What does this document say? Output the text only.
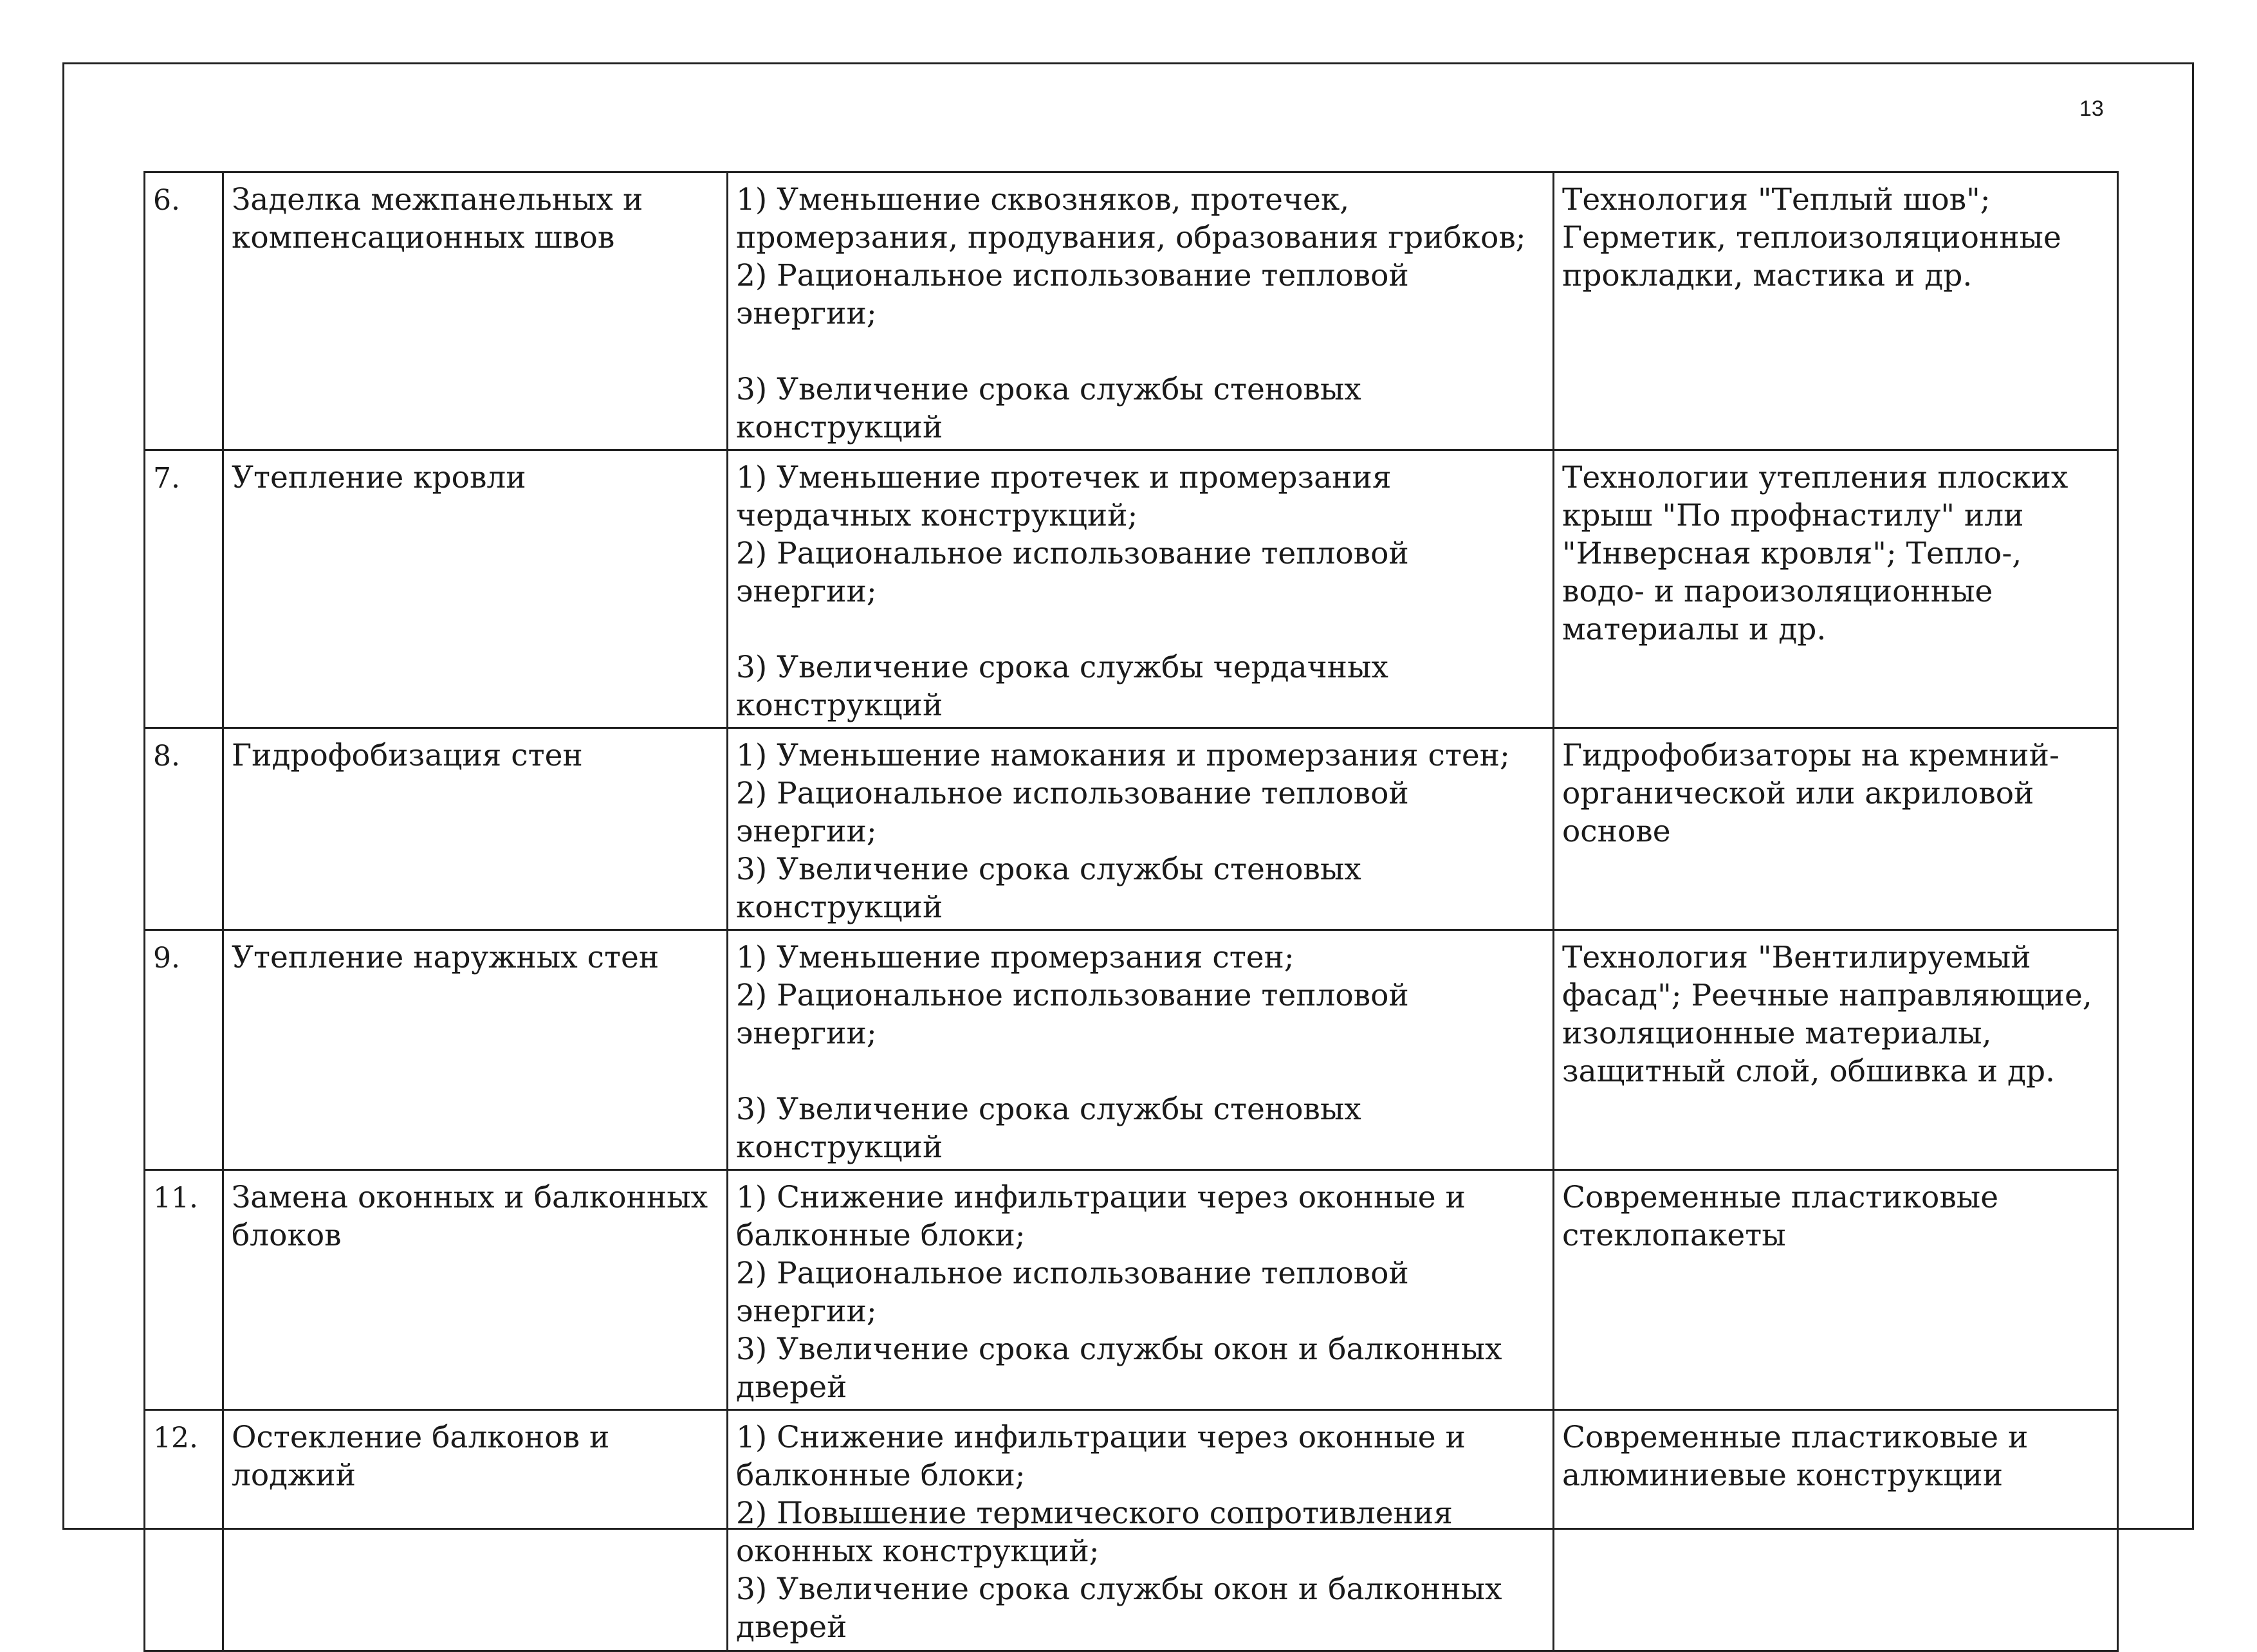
13
6.	Заделка межпанельных и компенсационных швов	1) Уменьшение сквозняков, протечек, промерзания, продувания, образования грибков;
2) Рациональное использование тепловой энергии;
3) Увеличение срока службы стеновых конструкций	Технология "Теплый шов"; Герметик, теплоизоляционные прокладки, мастика и др.
7.	Утепление кровли	1) Уменьшение протечек и промерзания чердачных конструкций;
2) Рациональное использование тепловой энергии;
3) Увеличение срока службы чердачных конструкций	Технологии утепления плоских крыш "По профнастилу" или "Инверсная кровля"; Тепло-, водо- и пароизоляционные материалы и др.
8.	Гидрофобизация стен	1) Уменьшение намокания и промерзания стен;
2) Рациональное использование тепловой энергии;
3) Увеличение срока службы стеновых конструкций	Гидрофобизаторы на кремний-органической или акриловой основе
9.	Утепление наружных стен	1) Уменьшение промерзания стен;
2) Рациональное использование тепловой энергии;
3) Увеличение срока службы стеновых конструкций	Технология "Вентилируемый фасад"; Реечные направляющие, изоляционные материалы, защитный слой, обшивка и др.
11.	Замена оконных и балконных блоков	1) Снижение инфильтрации через оконные и балконные блоки;
2) Рациональное использование тепловой энергии;
3) Увеличение срока службы окон и балконных дверей	Современные пластиковые стеклопакеты
12.	Остекление балконов и лоджий	1) Снижение инфильтрации через оконные и балконные блоки;
2) Повышение термического сопротивления оконных конструкций;
3) Увеличение срока службы окон и балконных дверей	Современные пластиковые и алюминиевые конструкции
